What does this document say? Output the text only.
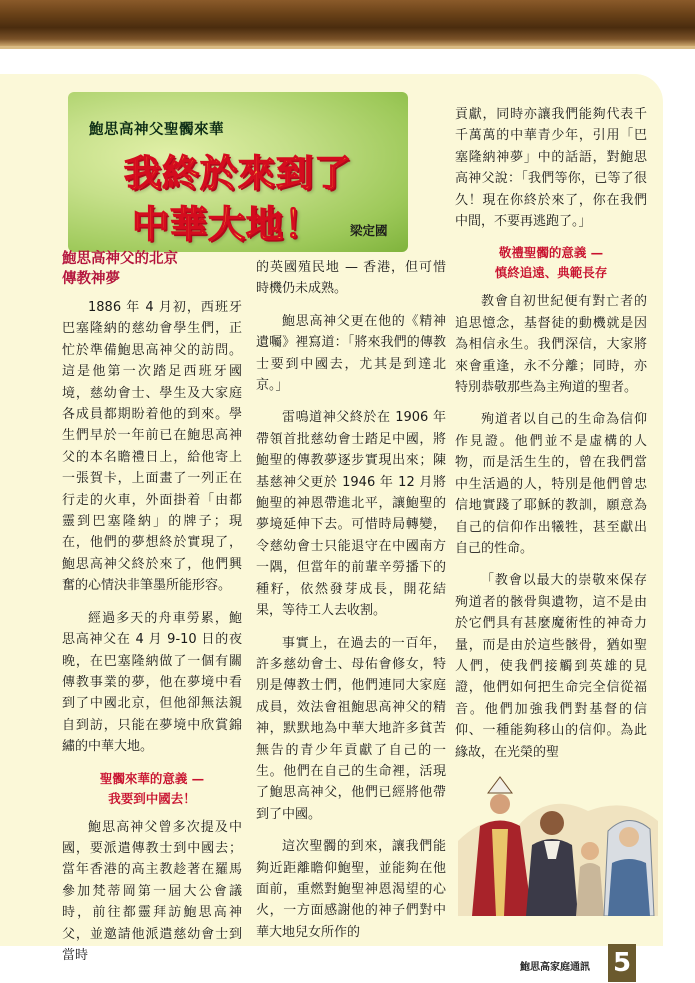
鮑思高神父聖髑來華
我終於來到了
中華大地！ 梁定國
鮑思高神父的北京
傳教神夢

1886 年 4 月初，西班牙巴塞隆納的慈幼會學生們，正忙於準備鮑思高神父的訪問。這是他第一次踏足西班牙國境，慈幼會士、學生及大家庭各成員都期盼着他的到來。學生們早於一年前已在鮑思高神父的本名瞻禮日上，給他寄上一張賀卡，上面畫了一列正在行走的火車，外面掛着「由都靈到巴塞隆納」的牌子；現在，他們的夢想終於實現了，鮑思高神父終於來了，他們興奮的心情決非筆墨所能形容。

經過多天的舟車勞累，鮑思高神父在 4 月 9-10 日的夜晚，在巴塞隆納做了一個有關傳教事業的夢，他在夢境中看到了中國北京，但他卻無法親自到訪，只能在夢境中欣賞錦繡的中華大地。

聖髑來華的意義 —
我要到中國去！

鮑思高神父曾多次提及中國，要派遣傳教士到中國去；當年香港的高主教趁著在羅馬參加梵蒂岡第一屆大公會議時，前往都靈拜訪鮑思高神父，並邀請他派遣慈幼會士到當時

的英國殖民地 — 香港，但可惜時機仍未成熟。

鮑思高神父更在他的《精神遺囑》裡寫道：「將來我們的傳教士要到中國去，尤其是到達北京。」

雷鳴道神父終於在 1906 年帶領首批慈幼會士踏足中國，將鮑聖的傳教夢逐步實現出來；陳基慈神父更於 1946 年 12 月將鮑聖的神恩帶進北平，讓鮑聖的夢境延伸下去。可惜時局轉變，令慈幼會士只能退守在中國南方一隅，但當年的前輩辛勞播下的種籽，依然發芽成長，開花結果，等待工人去收割。

事實上，在過去的一百年，許多慈幼會士、母佑會修女，特別是傳教士們，他們連同大家庭成員，效法會祖鮑思高神父的精神，默默地為中華大地許多貧苦無告的青少年貢獻了自己的一生。他們在自己的生命裡，活現了鮑思高神父，他們已經將他帶到了中國。

這次聖髑的到來，讓我們能夠近距離瞻仰鮑聖，並能夠在他面前，重燃對鮑聖神恩渴望的心火，一方面感謝他的神子們對中華大地兒女所作的

貢獻，同時亦讓我們能夠代表千千萬萬的中華青少年，引用「巴塞隆納神夢」中的話語，對鮑思高神父說：「我們等你，已等了很久！現在你終於來了，你在我們中間，不要再逃跑了。」

敬禮聖髑的意義 —
慎終追遠、典範長存

教會自初世紀便有對亡者的追思憶念，基督徒的動機就是因為相信永生。我們深信，大家將來會重逢，永不分離；同時，亦特別恭敬那些為主殉道的聖者。

殉道者以自己的生命為信仰作見證。他們並不是虛構的人物，而是活生生的，曾在我們當中生活過的人，特別是他們曾忠信地實踐了耶穌的教訓，願意為自己的信仰作出犧牲，甚至獻出自己的性命。

「教會以最大的崇敬來保存殉道者的骸骨與遺物，這不是由於它們具有甚麼魔術性的神奇力量，而是由於這些骸骨，猶如聖人們，使我們接觸到英雄的見證，他們如何把生命完全信從福音。他們加強我們對基督的信仰、一種能夠移山的信仰。為此緣故，在光榮的聖

鮑思高家庭通訊 5
